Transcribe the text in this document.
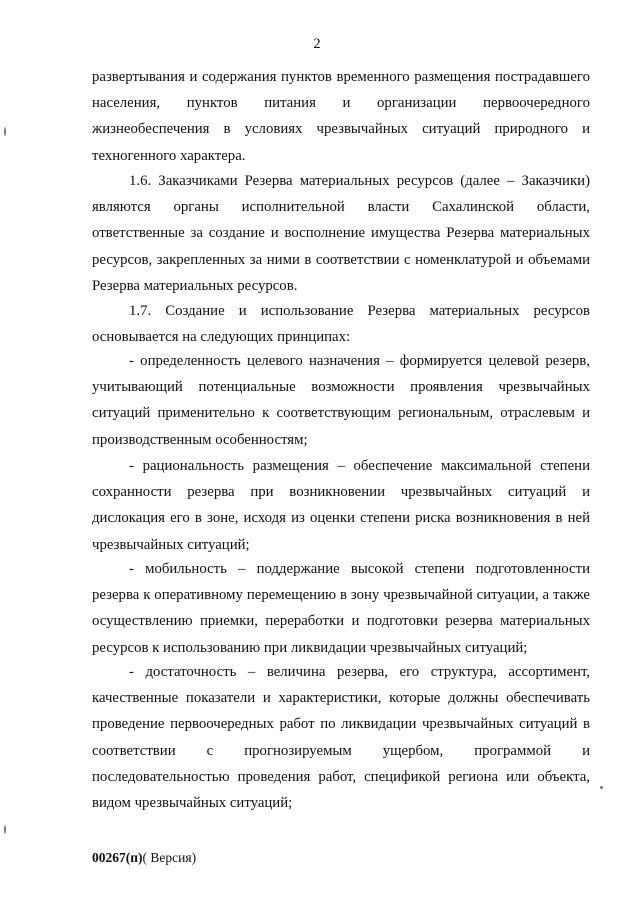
2

развертывания и содержания пунктов временного размещения пострадавшего населения, пунктов питания и организации первоочередного жизнеобеспечения в условиях чрезвычайных ситуаций природного и техногенного характера.

1.6. Заказчиками Резерва материальных ресурсов (далее – Заказчики) являются органы исполнительной власти Сахалинской области, ответственные за создание и восполнение имущества Резерва материальных ресурсов, закрепленных за ними в соответствии с номенклатурой и объемами Резерва материальных ресурсов.

1.7. Создание и использование Резерва материальных ресурсов основывается на следующих принципах:

- определенность целевого назначения – формируется целевой резерв, учитывающий потенциальные возможности проявления чрезвычайных ситуаций применительно к соответствующим региональным, отраслевым и производственным особенностям;

- рациональность размещения – обеспечение максимальной степени сохранности резерва при возникновении чрезвычайных ситуаций и дислокация его в зоне, исходя из оценки степени риска возникновения в ней чрезвычайных ситуаций;

- мобильность – поддержание высокой степени подготовленности резерва к оперативному перемещению в зону чрезвычайной ситуации, а также осуществлению приемки, переработки и подготовки резерва материальных ресурсов к использованию при ликвидации чрезвычайных ситуаций;

- достаточность – величина резерва, его структура, ассортимент, качественные показатели и характеристики, которые должны обеспечивать проведение первоочередных работ по ликвидации чрезвычайных ситуаций в соответствии с прогнозируемым ущербом, программой и последовательностью проведения работ, спецификой региона или объекта, видом чрезвычайных ситуаций;

00267(п)( Версия)
